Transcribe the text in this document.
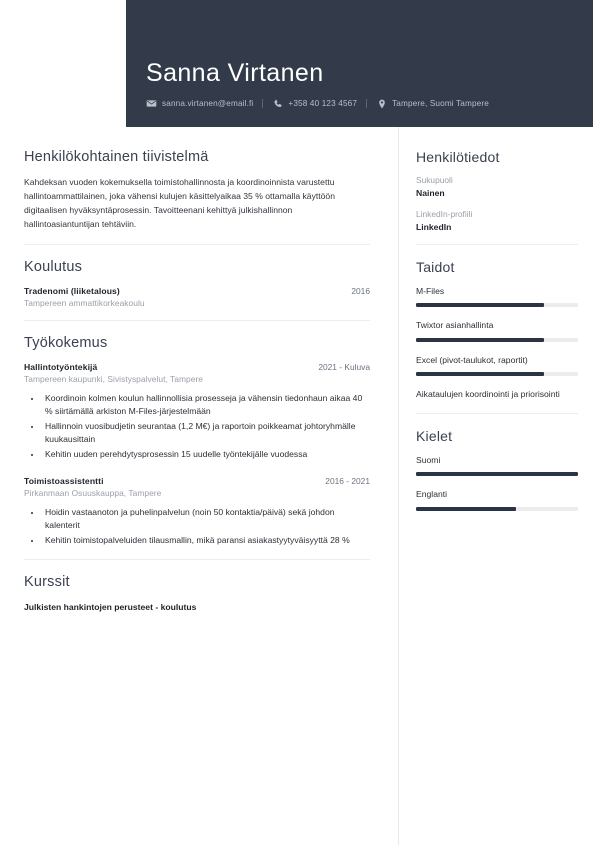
Sanna Virtanen
sanna.virtanen@email.fi	+358 40 123 4567	Tampere, Suomi Tampere
Henkilökohtainen tiivistelmä
Kahdeksan vuoden kokemuksella toimistohallinnosta ja koordinoinnista varustettu hallintoammattilainen, joka vähensi kulujen käsittelyaikaa 35 % ottamalla käyttöön digitaalisen hyväksyntäprosessin. Tavoitteenani kehittyä julkishallinnon hallintoasiantuntijan tehtäviin.
Koulutus
Tradenomi (liiketalous)	2016
Tampereen ammattikorkeakoulu
Työkokemus
Hallintotyöntekijä	2021 - Kuluva
Tampereen kaupunki, Sivistyspalvelut, Tampere
• Koordinoin kolmen koulun hallinnollisia prosesseja ja vähensin tiedonhaun aikaa 40 % siirtämällä arkiston M-Files-järjestelmään
• Hallinnoin vuosibudjetin seurantaa (1,2 M€) ja raportoin poikkeamat johtoryhmälle kuukausittain
• Kehitin uuden perehdytysprosessin 15 uudelle työntekijälle vuodessa
Toimistoassistentti	2016 - 2021
Pirkanmaan Osuuskauppa, Tampere
• Hoidin vastaanoton ja puhelinpalvelun (noin 50 kontaktia/päivä) sekä johdon kalenterit
• Kehitin toimistopalveluiden tilausmallin, mikä paransi asiakastyytyväisyyttä 28 %
Kurssit
Julkisten hankintojen perusteet - koulutus
Henkilötiedot
Sukupuoli
Nainen
LinkedIn-profiili
LinkedIn
Taidot
M-Files
Twixtor asianhallinta
Excel (pivot-taulukot, raportit)
Aikataulujen koordinointi ja priorisointi
Kielet
Suomi
Englanti
